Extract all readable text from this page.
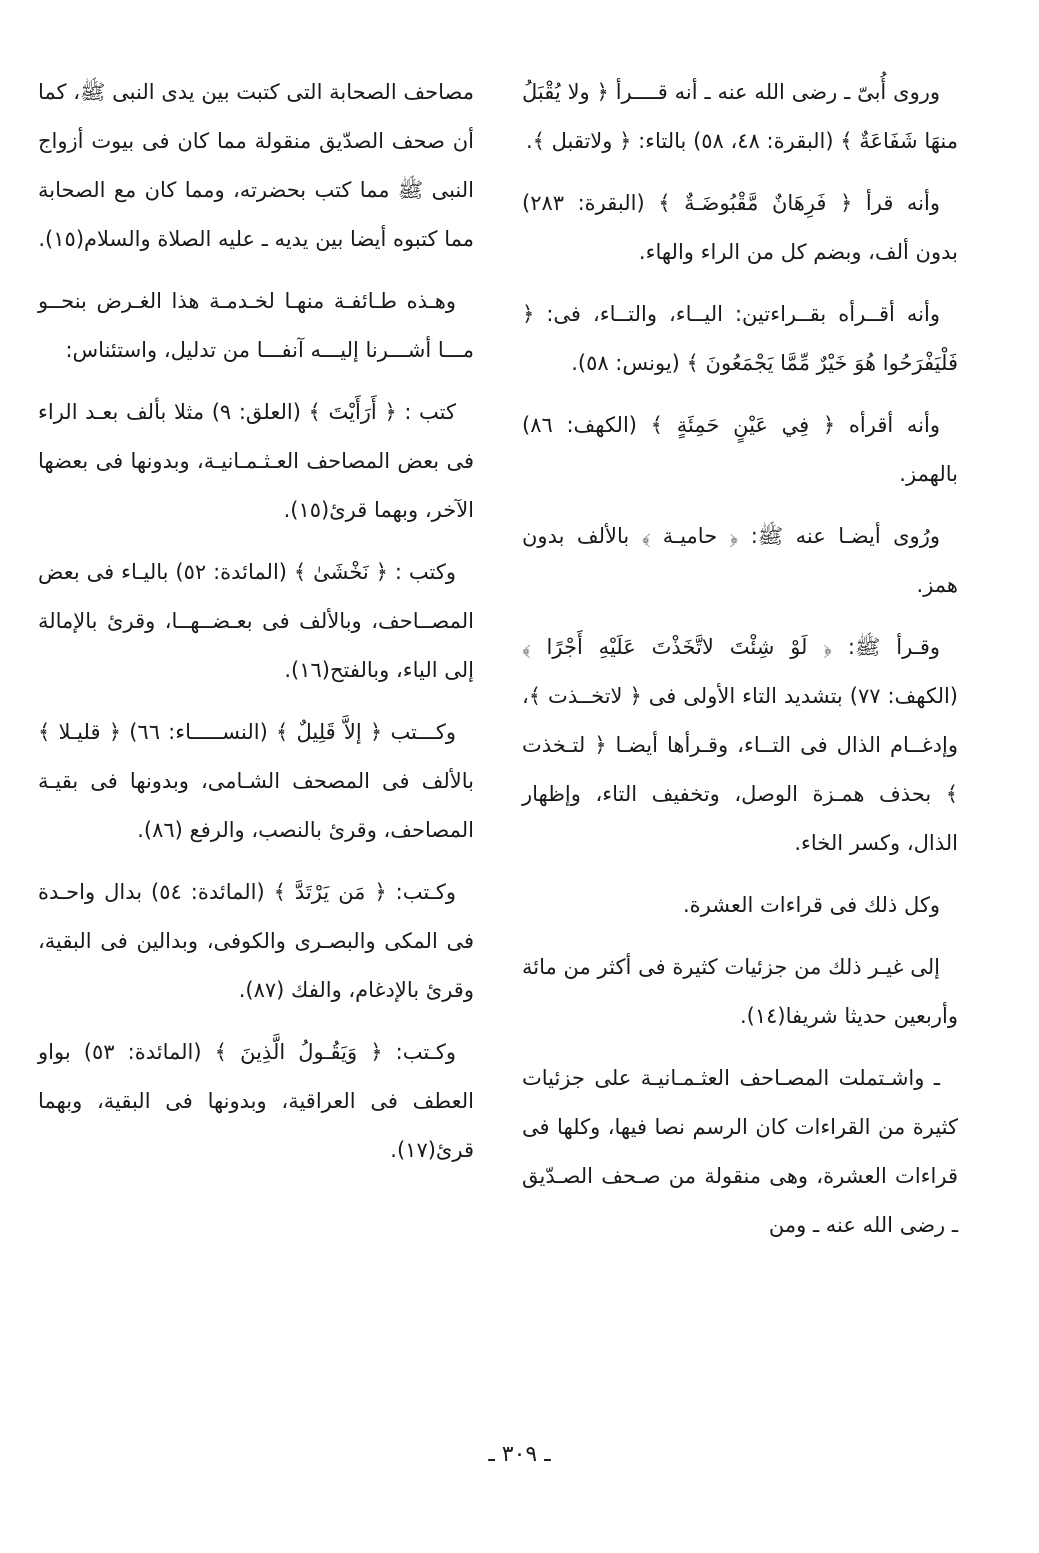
وروى أُبىّ ـ رضى الله عنه ـ أنه قــــرأ ﴿ ولا يُقْبَلُ منهَا شَفَاعَةٌ ﴾ (البقرة: ٤٨، ٥٨) بالتاء: ﴿ ولاتقبل ﴾.

وأنه قرأ ﴿ فَرِهَانٌ مَّقْبُوضَـةٌ ﴾ (البقرة: ٢٨٣) بدون ألف، وبضم كل من الراء والهاء.

وأنه أقــرأه بقــراءتين: اليــاء، والتــاء، فى: ﴿ فَلْيَفْرَحُوا هُوَ خَيْرٌ مِّمَّا يَجْمَعُونَ ﴾ (يونس: ٥٨).

وأنه أقرأه ﴿ فِي عَيْنٍ حَمِئَةٍ ﴾ (الكهف: ٨٦) بالهمز.

ورُوى أيضـا عنه ﷺ: ﴿ حاميـة ﴾ بالألف بدون همز.

وقـرأ ﷺ: ﴿ لَوْ شِئْتَ لاتَّخَذْتَ عَلَيْهِ أَجْرًا ﴾ (الكهف: ٧٧) بتشديد التاء الأولى فى ﴿ لاتخــذت ﴾، وإدغــام الذال فى التــاء، وقـرأها أيضـا ﴿ لتـخذت ﴾ بحذف همـزة الوصل، وتخفيف التاء، وإظهار الذال، وكسر الخاء.

وكل ذلك فى قراءات العشرة.

إلى غيـر ذلك من جزئيات كثيرة فى أكثر من مائة وأربعين حديثا شريفا(١٤).

ـ واشـتملت المصـاحف العثـمـانيـة على جزئيات كثيرة من القراءات كان الرسم نصا فيها، وكلها فى قراءات العشرة، وهى منقولة من صـحف الصـدّيق ـ رضى الله عنه ـ ومن

مصاحف الصحابة التى كتبت بين يدى النبى ﷺ، كما أن صحف الصدّيق منقولة مما كان فى بيوت أزواج النبى ﷺ مما كتب بحضرته، ومما كان مع الصحابة مما كتبوه أيضا بين يديه ـ عليه الصلاة والسلام(١٥).

وهـذه طـائفـة منهـا لخـدمـة هذا الغـرض بنحــو مـــا أشـــرنا إليـــه آنفـــا من تدليل، واستئناس:

كتب : ﴿ أَرَأَيْتَ ﴾ (العلق: ٩) مثلا بألف بعـد الراء فى بعض المصاحف العـثـمـانيـة، وبدونها فى بعضها الآخر، وبهما قرئ(١٥).

وكتب : ﴿ نَخْشَىٰ ﴾ (المائدة: ٥٢) باليـاء فى بعض المصــاحف، وبالألف فى بعـضــهــا، وقرئ بالإمالة إلى الياء، وبالفتح(١٦).

وكـــتب ﴿ إلاَّ قَلِيلٌ ﴾ (النســـــاء: ٦٦) ﴿ قليـلا ﴾ بالألف فى المصحف الشـامى، وبدونها فى بقيـة المصاحف، وقرئ بالنصب، والرفع (٨٦).

وكـتب: ﴿ مَن يَرْتَدَّ ﴾ (المائدة: ٥٤) بدال واحـدة فى المكى والبصـرى والكوفى، وبدالين فى البقية، وقرئ بالإدغام، والفك (٨٧).

وكـتب: ﴿ وَيَقُـولُ الَّذِينَ ﴾ (المائدة: ٥٣) بواو العطف فى العراقية، وبدونها فى البقية، وبهما قرئ(١٧).

ـ ٣٠٩ ـ
